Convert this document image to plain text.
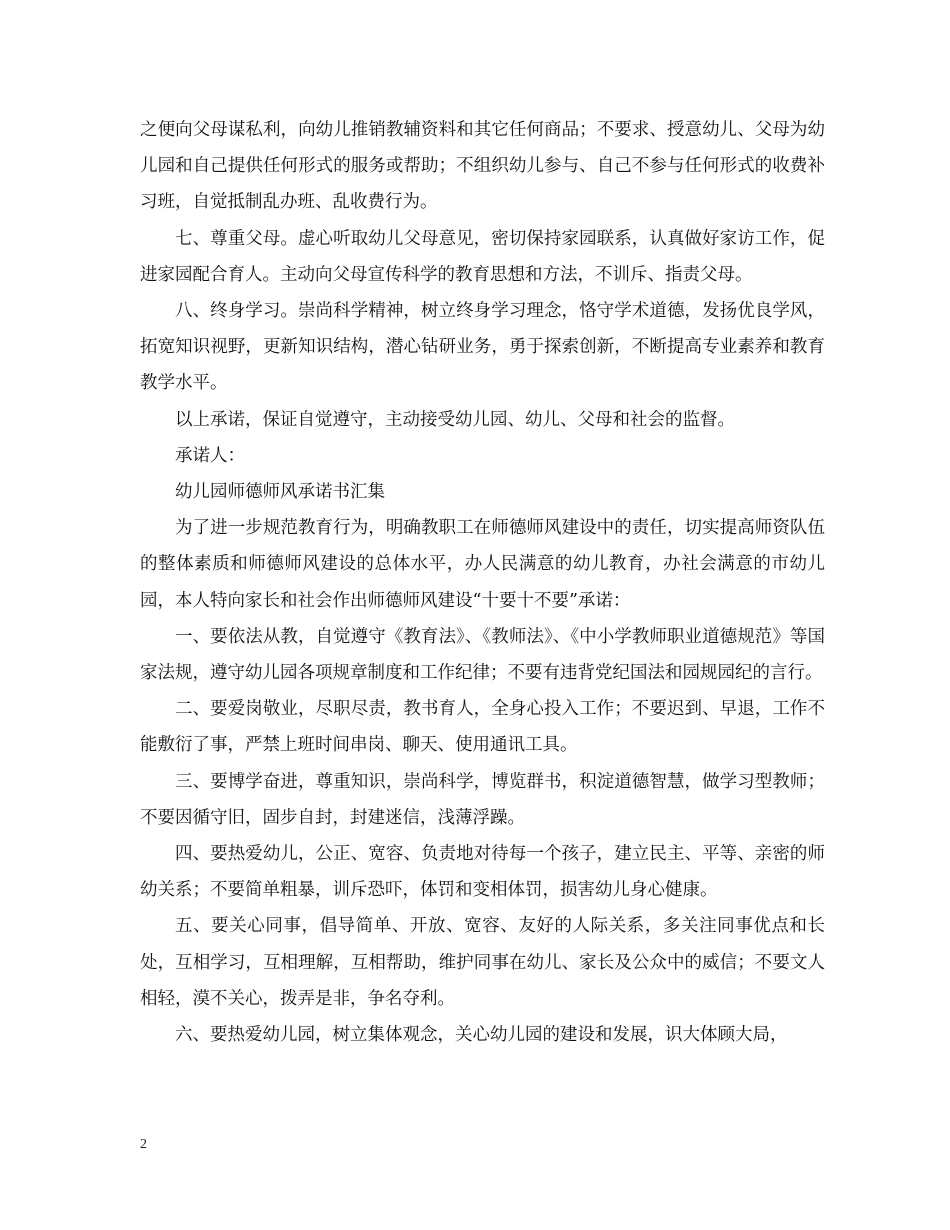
之便向父母谋私利，向幼儿推销教辅资料和其它任何商品；不要求、授意幼儿、父母为幼儿园和自己提供任何形式的服务或帮助；不组织幼儿参与、自己不参与任何形式的收费补习班，自觉抵制乱办班、乱收费行为。

七、尊重父母。虚心听取幼儿父母意见，密切保持家园联系，认真做好家访工作，促进家园配合育人。主动向父母宣传科学的教育思想和方法，不训斥、指责父母。

八、终身学习。崇尚科学精神，树立终身学习理念，恪守学术道德，发扬优良学风，拓宽知识视野，更新知识结构，潜心钻研业务，勇于探索创新，不断提高专业素养和教育教学水平。

以上承诺，保证自觉遵守，主动接受幼儿园、幼儿、父母和社会的监督。

承诺人：

幼儿园师德师风承诺书汇集

为了进一步规范教育行为，明确教职工在师德师风建设中的责任，切实提高师资队伍的整体素质和师德师风建设的总体水平，办人民满意的幼儿教育，办社会满意的市幼儿园，本人特向家长和社会作出师德师风建设“十要十不要”承诺：

一、要依法从教，自觉遵守《教育法》、《教师法》、《中小学教师职业道德规范》等国家法规，遵守幼儿园各项规章制度和工作纪律；不要有违背党纪国法和园规园纪的言行。

二、要爱岗敬业，尽职尽责，教书育人，全身心投入工作；不要迟到、早退，工作不能敷衍了事，严禁上班时间串岗、聊天、使用通讯工具。

三、要博学奋进，尊重知识，崇尚科学，博览群书，积淀道德智慧，做学习型教师；不要因循守旧，固步自封，封建迷信，浅薄浮躁。

四、要热爱幼儿，公正、宽容、负责地对待每一个孩子，建立民主、平等、亲密的师幼关系；不要简单粗暴，训斥恐吓，体罚和变相体罚，损害幼儿身心健康。

五、要关心同事，倡导简单、开放、宽容、友好的人际关系，多关注同事优点和长处，互相学习，互相理解，互相帮助，维护同事在幼儿、家长及公众中的威信；不要文人相轻，漠不关心，拨弄是非，争名夺利。

六、要热爱幼儿园，树立集体观念，关心幼儿园的建设和发展，识大体顾大局，

2
